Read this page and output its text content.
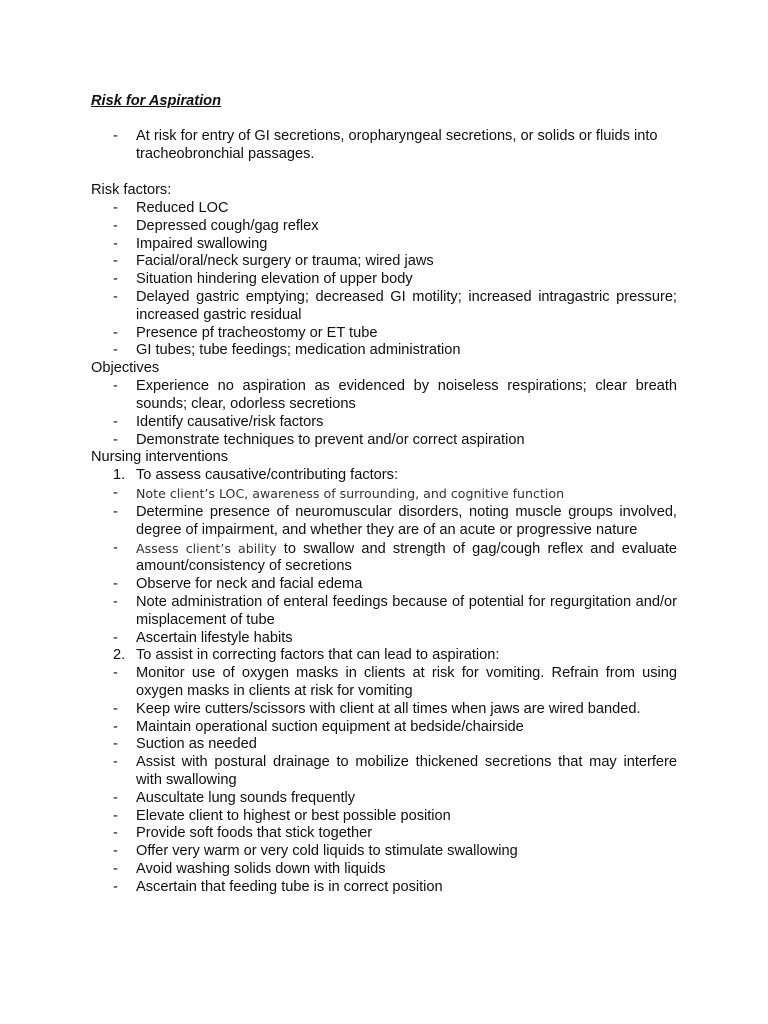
Risk for Aspiration
- At risk for entry of GI secretions, oropharyngeal secretions, or solids or fluids into tracheobronchial passages.
Risk factors:
- Reduced LOC
- Depressed cough/gag reflex
- Impaired swallowing
- Facial/oral/neck surgery or trauma; wired jaws
- Situation hindering elevation of upper body
- Delayed gastric emptying; decreased GI motility; increased intragastric pressure; increased gastric residual
- Presence pf tracheostomy or ET tube
- GI tubes; tube feedings; medication administration
Objectives
- Experience no aspiration as evidenced by noiseless respirations; clear breath sounds; clear, odorless secretions
- Identify causative/risk factors
- Demonstrate techniques to prevent and/or correct aspiration
Nursing interventions
1. To assess causative/contributing factors:
- Note client’s LOC, awareness of surrounding, and cognitive function
- Determine presence of neuromuscular disorders, noting muscle groups involved, degree of impairment, and whether they are of an acute or progressive nature
- Assess client’s ability to swallow and strength of gag/cough reflex and evaluate amount/consistency of secretions
- Observe for neck and facial edema
- Note administration of enteral feedings because of potential for regurgitation and/or misplacement of tube
- Ascertain lifestyle habits
2. To assist in correcting factors that can lead to aspiration:
- Monitor use of oxygen masks in clients at risk for vomiting. Refrain from using oxygen masks in clients at risk for vomiting
- Keep wire cutters/scissors with client at all times when jaws are wired banded.
- Maintain operational suction equipment at bedside/chairside
- Suction as needed
- Assist with postural drainage to mobilize thickened secretions that may interfere with swallowing
- Auscultate lung sounds frequently
- Elevate client to highest or best possible position
- Provide soft foods that stick together
- Offer very warm or very cold liquids to stimulate swallowing
- Avoid washing solids down with liquids
- Ascertain that feeding tube is in correct position
